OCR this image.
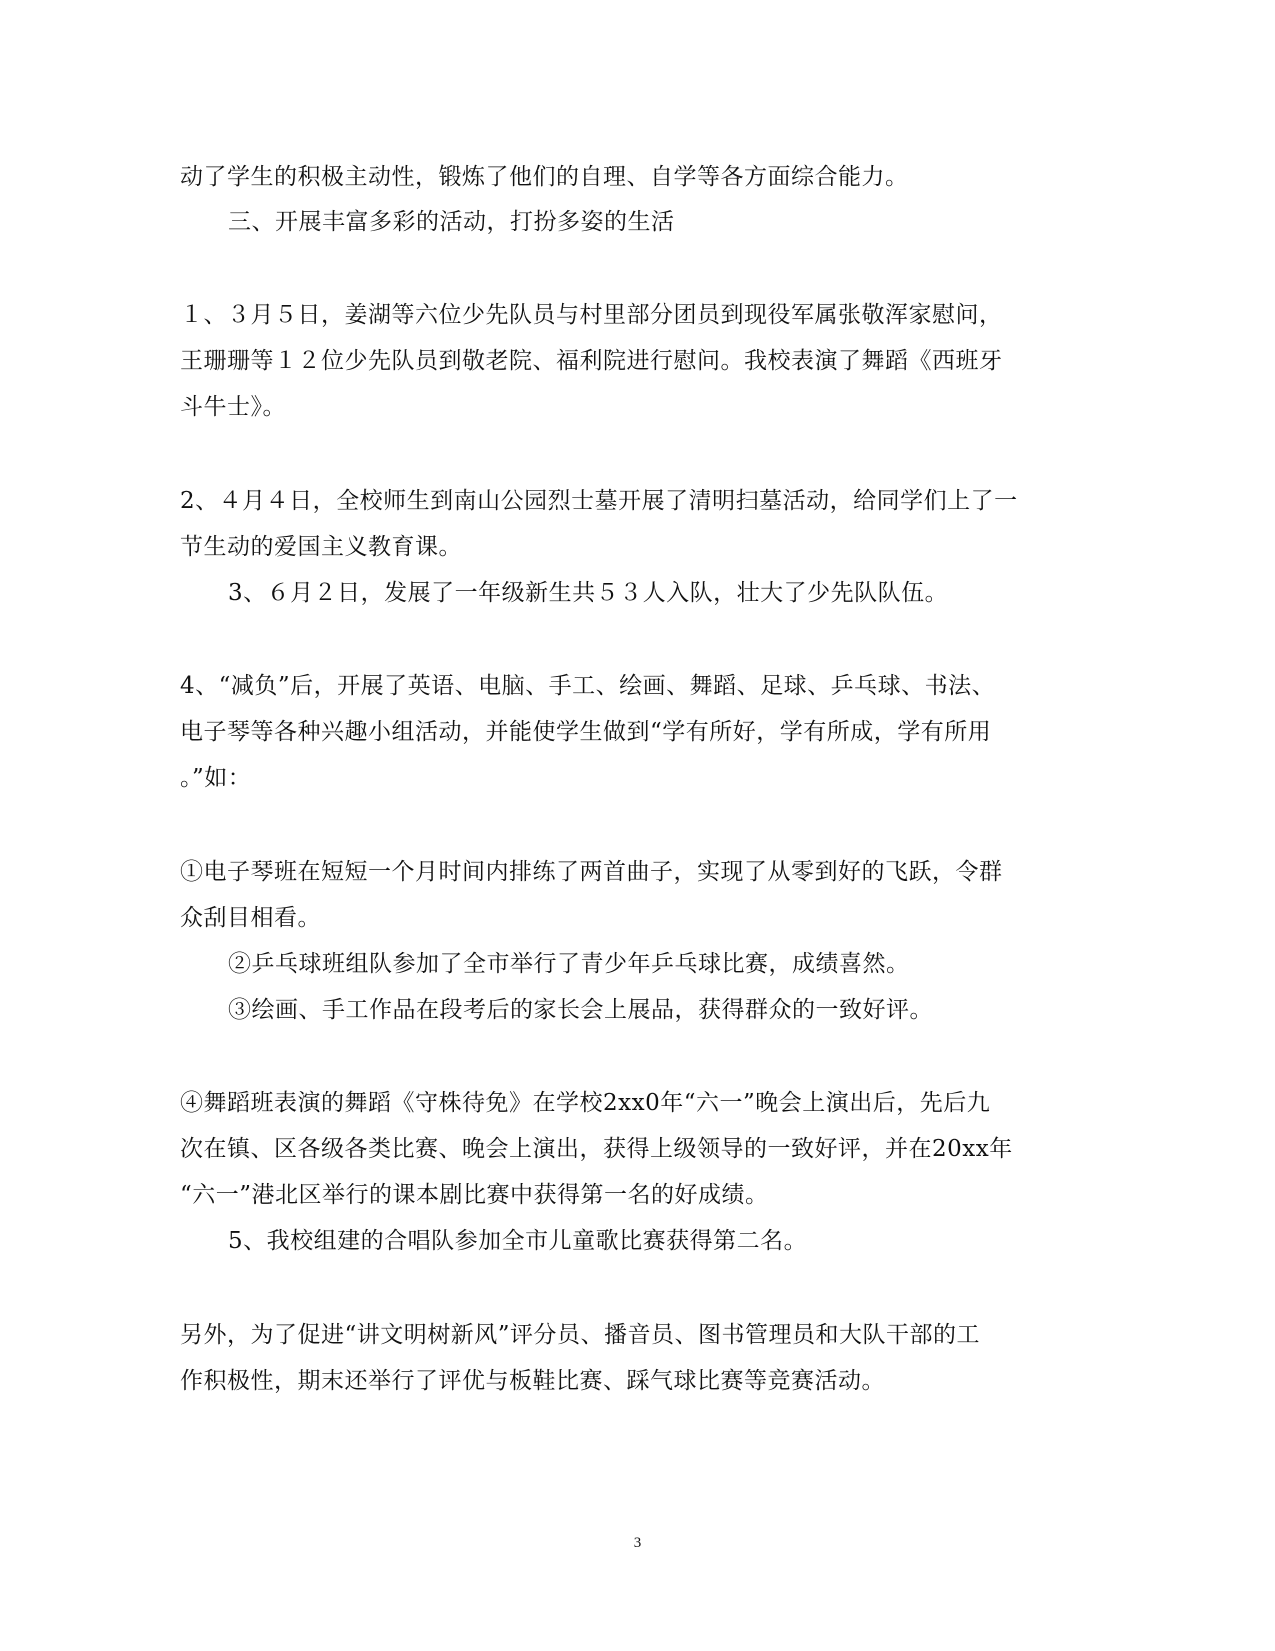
动了学生的积极主动性，锻炼了他们的自理、自学等各方面综合能力。
三、开展丰富多彩的活动，打扮多姿的生活
１、３月５日，姜湖等六位少先队员与村里部分团员到现役军属张敬浑家慰问，
王珊珊等１２位少先队员到敬老院、福利院进行慰问。我校表演了舞蹈《西班牙
斗牛士》。
2、４月４日，全校师生到南山公园烈士墓开展了清明扫墓活动，给同学们上了一
节生动的爱国主义教育课。
3、６月２日，发展了一年级新生共５３人入队，壮大了少先队队伍。
4、“减负”后，开展了英语、电脑、手工、绘画、舞蹈、足球、乒乓球、书法、
电子琴等各种兴趣小组活动，并能使学生做到“学有所好，学有所成，学有所用
。”如：
①电子琴班在短短一个月时间内排练了两首曲子，实现了从零到好的飞跃，令群
众刮目相看。
②乒乓球班组队参加了全市举行了青少年乒乓球比赛，成绩喜然。
③绘画、手工作品在段考后的家长会上展品，获得群众的一致好评。
④舞蹈班表演的舞蹈《守株待免》在学校2xx0年“六一”晚会上演出后，先后九
次在镇、区各级各类比赛、晚会上演出，获得上级领导的一致好评，并在20xx年
“六一”港北区举行的课本剧比赛中获得第一名的好成绩。
5、我校组建的合唱队参加全市儿童歌比赛获得第二名。
另外，为了促进“讲文明树新风”评分员、播音员、图书管理员和大队干部的工
作积极性，期末还举行了评优与板鞋比赛、踩气球比赛等竞赛活动。
3
